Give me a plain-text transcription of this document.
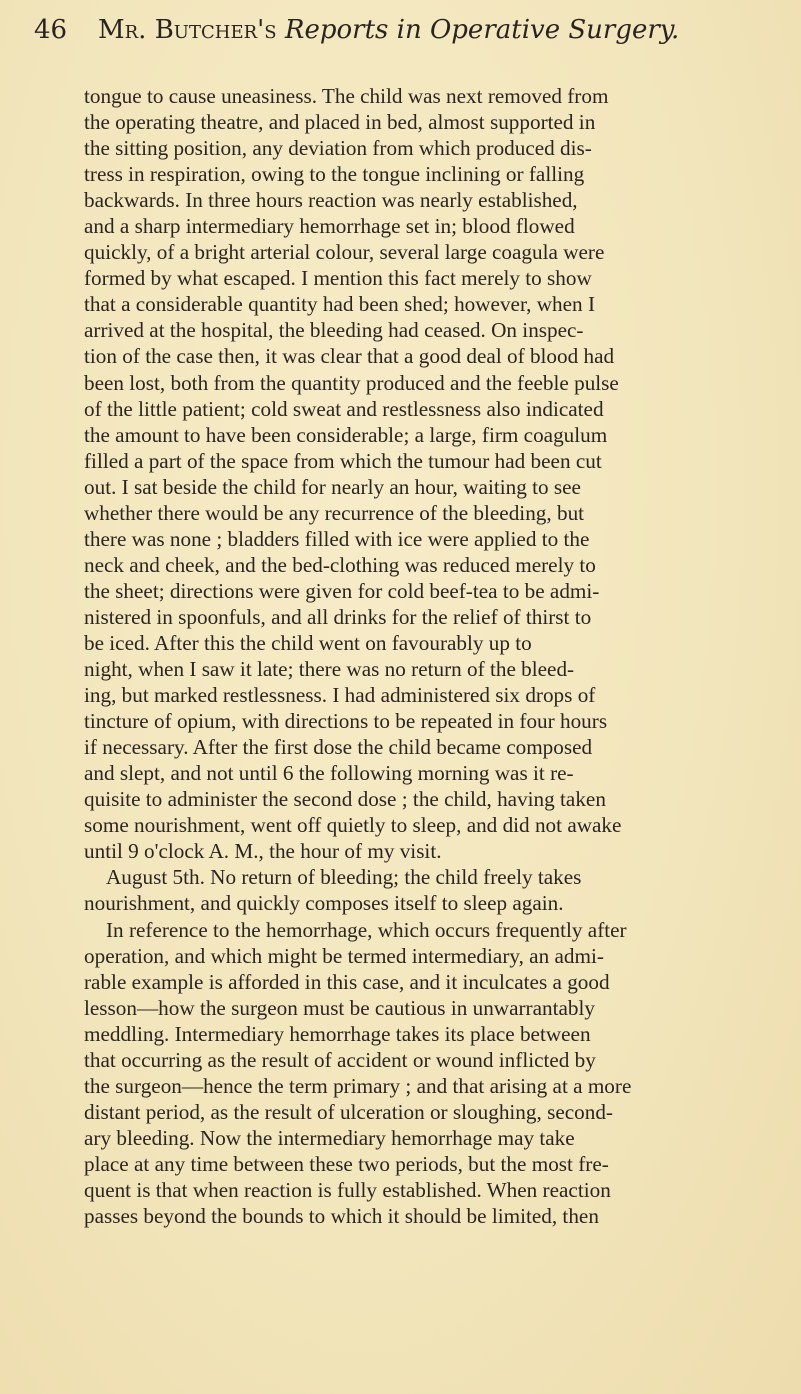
46 Mr. Butcher's Reports in Operative Surgery.
tongue to cause uneasiness. The child was next removed from
the operating theatre, and placed in bed, almost supported in
the sitting position, any deviation from which produced dis-
tress in respiration, owing to the tongue inclining or falling
backwards. In three hours reaction was nearly established,
and a sharp intermediary hemorrhage set in; blood flowed
quickly, of a bright arterial colour, several large coagula were
formed by what escaped. I mention this fact merely to show
that a considerable quantity had been shed; however, when I
arrived at the hospital, the bleeding had ceased. On inspec-
tion of the case then, it was clear that a good deal of blood had
been lost, both from the quantity produced and the feeble pulse
of the little patient; cold sweat and restlessness also indicated
the amount to have been considerable; a large, firm coagulum
filled a part of the space from which the tumour had been cut
out. I sat beside the child for nearly an hour, waiting to see
whether there would be any recurrence of the bleeding, but
there was none ; bladders filled with ice were applied to the
neck and cheek, and the bed-clothing was reduced merely to
the sheet; directions were given for cold beef-tea to be admi-
nistered in spoonfuls, and all drinks for the relief of thirst to
be iced. After this the child went on favourably up to
night, when I saw it late; there was no return of the bleed-
ing, but marked restlessness. I had administered six drops of
tincture of opium, with directions to be repeated in four hours
if necessary. After the first dose the child became composed
and slept, and not until 6 the following morning was it re-
quisite to administer the second dose ; the child, having taken
some nourishment, went off quietly to sleep, and did not awake
until 9 o'clock A. M., the hour of my visit.
August 5th. No return of bleeding; the child freely takes
nourishment, and quickly composes itself to sleep again.
In reference to the hemorrhage, which occurs frequently after
operation, and which might be termed intermediary, an admi-
rable example is afforded in this case, and it inculcates a good
lesson—how the surgeon must be cautious in unwarrantably
meddling. Intermediary hemorrhage takes its place between
that occurring as the result of accident or wound inflicted by
the surgeon—hence the term primary ; and that arising at a more
distant period, as the result of ulceration or sloughing, second-
ary bleeding. Now the intermediary hemorrhage may take
place at any time between these two periods, but the most fre-
quent is that when reaction is fully established. When reaction
passes beyond the bounds to which it should be limited, then
